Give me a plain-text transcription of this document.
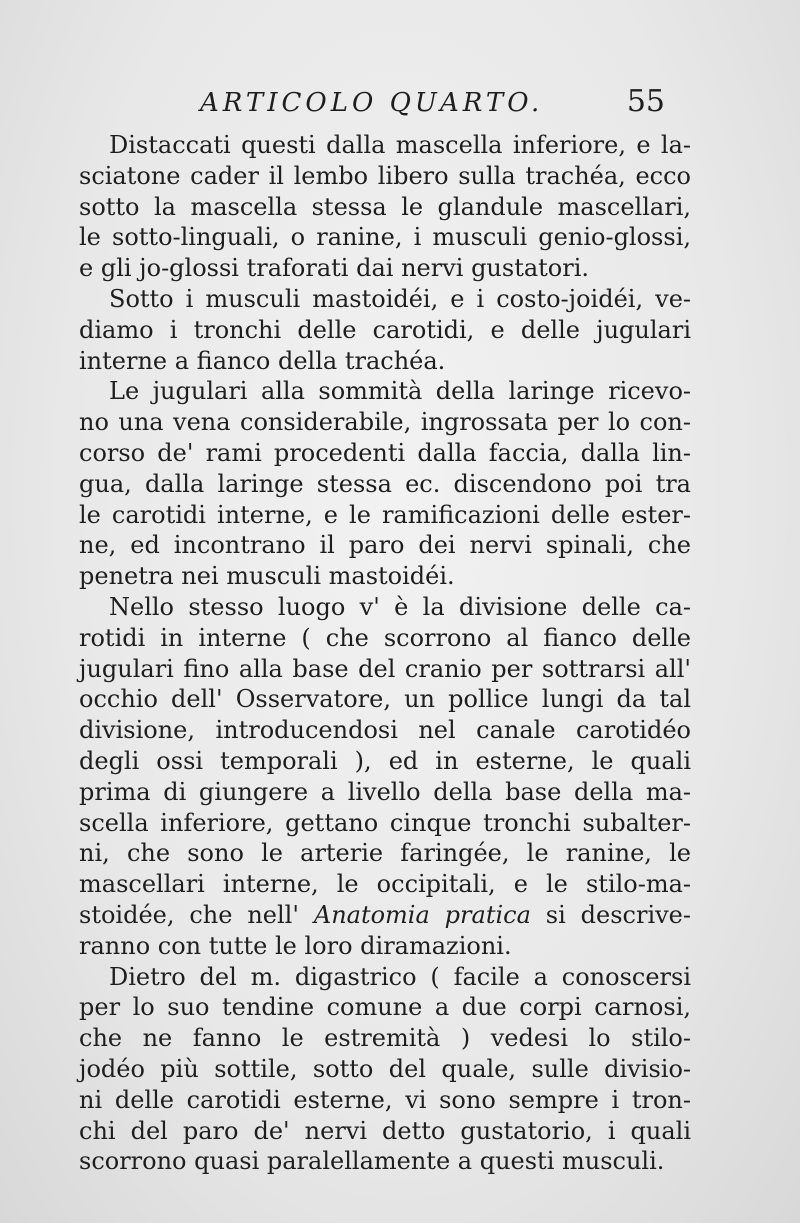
ARTICOLO QUARTO.	55

Distaccati questi dalla mascella inferiore, e la-
sciatone cader il lembo libero sulla trachéa, ecco
sotto la mascella stessa le glandule mascellari,
le sotto-linguali, o ranine, i musculi genio-glossi,
e gli jo-glossi traforati dai nervi gustatori.

Sotto i musculi mastoidéi, e i costo-joidéi, ve-
diamo i tronchi delle carotidi, e delle jugulari
interne a fianco della trachéa.

Le jugulari alla sommità della laringe ricevo-
no una vena considerabile, ingrossata per lo con-
corso de' rami procedenti dalla faccia, dalla lin-
gua, dalla laringe stessa ec. discendono poi tra
le carotidi interne, e le ramificazioni delle ester-
ne, ed incontrano il paro dei nervi spinali, che
penetra nei musculi mastoidéi.

Nello stesso luogo v' è la divisione delle ca-
rotidi in interne ( che scorrono al fianco delle
jugulari fino alla base del cranio per sottrarsi all'
occhio dell' Osservatore, un pollice lungi da tal
divisione, introducendosi nel canale carotidéo
degli ossi temporali ), ed in esterne, le quali
prima di giungere a livello della base della ma-
scella inferiore, gettano cinque tronchi subalter-
ni, che sono le arterie faringée, le ranine, le
mascellari interne, le occipitali, e le stilo-ma-
stoidée, che nell' Anatomia pratica si descrive-
ranno con tutte le loro diramazioni.

Dietro del m. digastrico ( facile a conoscersi
per lo suo tendine comune a due corpi carnosi,
che ne fanno le estremità ) vedesi lo stilo-
jodéo più sottile, sotto del quale, sulle divisio-
ni delle carotidi esterne, vi sono sempre i tron-
chi del paro de' nervi detto gustatorio, i quali
scorrono quasi paralellamente a questi musculi.
